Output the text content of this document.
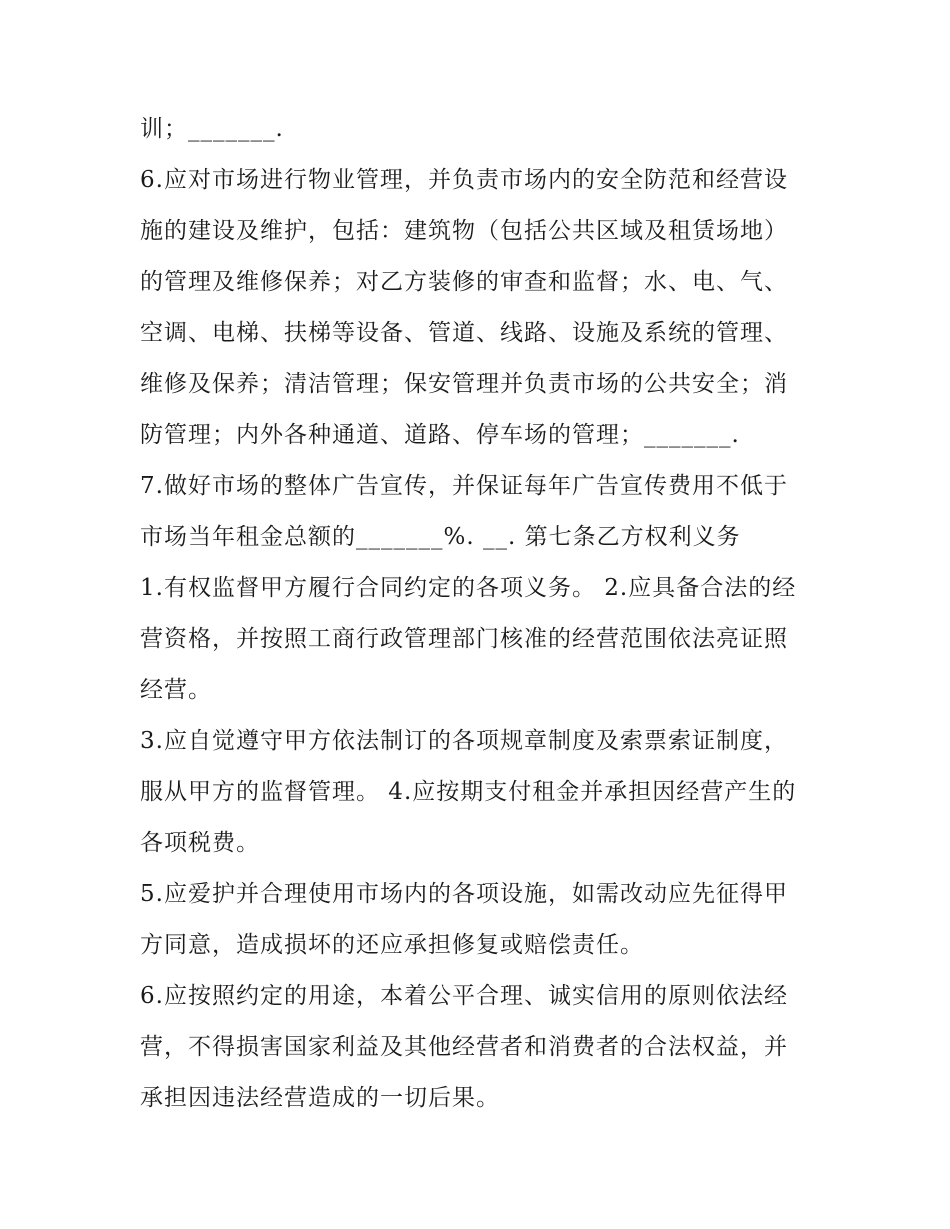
训；_______.
6.应对市场进行物业管理，并负责市场内的安全防范和经营设
施的建设及维护，包括：建筑物（包括公共区域及租赁场地）
的管理及维修保养；对乙方装修的审查和监督；水、电、气、
空调、电梯、扶梯等设备、管道、线路、设施及系统的管理、
维修及保养；清洁管理；保安管理并负责市场的公共安全；消
防管理；内外各种通道、道路、停车场的管理；_______.
7.做好市场的整体广告宣传，并保证每年广告宣传费用不低于
市场当年租金总额的_______%. __. 第七条乙方权利义务
1.有权监督甲方履行合同约定的各项义务。 2.应具备合法的经
营资格，并按照工商行政管理部门核准的经营范围依法亮证照
经营。
3.应自觉遵守甲方依法制订的各项规章制度及索票索证制度，
服从甲方的监督管理。 4.应按期支付租金并承担因经营产生的
各项税费。
5.应爱护并合理使用市场内的各项设施，如需改动应先征得甲
方同意，造成损坏的还应承担修复或赔偿责任。
6.应按照约定的用途，本着公平合理、诚实信用的原则依法经
营，不得损害国家利益及其他经营者和消费者的合法权益，并
承担因违法经营造成的一切后果。
